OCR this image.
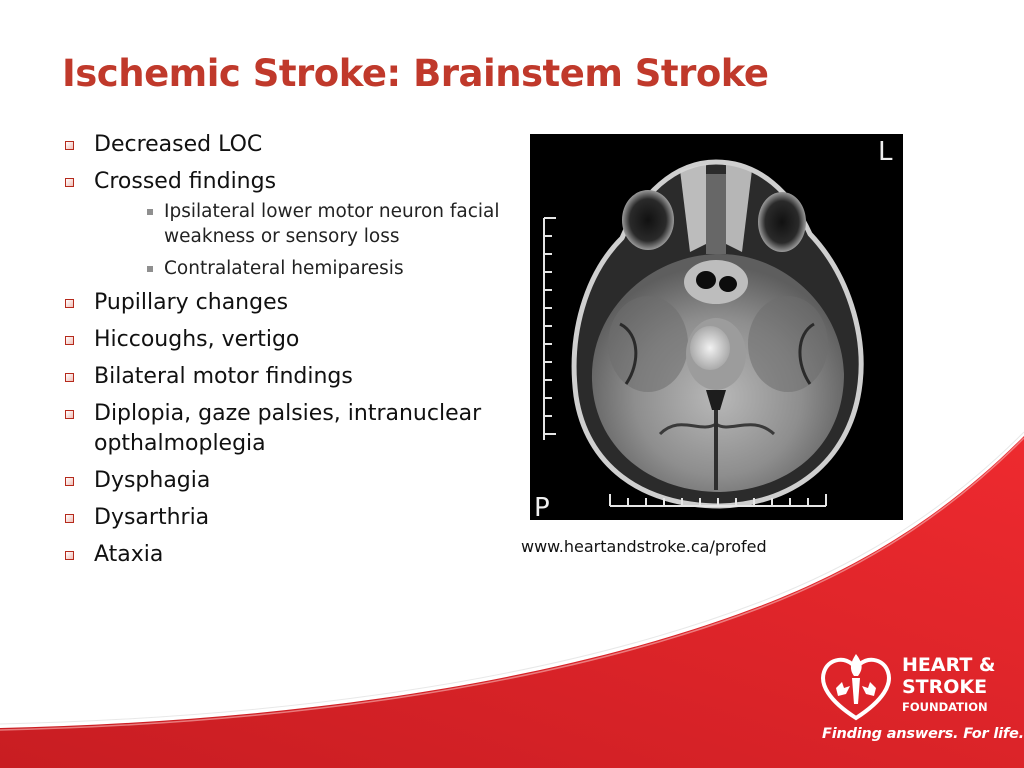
Ischemic Stroke: Brainstem Stroke
Decreased LOC
Crossed findings
Ipsilateral lower motor neuron facial weakness or sensory loss
Contralateral hemiparesis
Pupillary changes
Hiccoughs, vertigo
Bilateral motor findings
Diplopia, gaze palsies, intranuclear opthalmoplegia
Dysphagia
Dysarthria
Ataxia
L
P
www.heartandstroke.ca/profed
HEART &
STROKE
FOUNDATION
Finding answers. For life.
